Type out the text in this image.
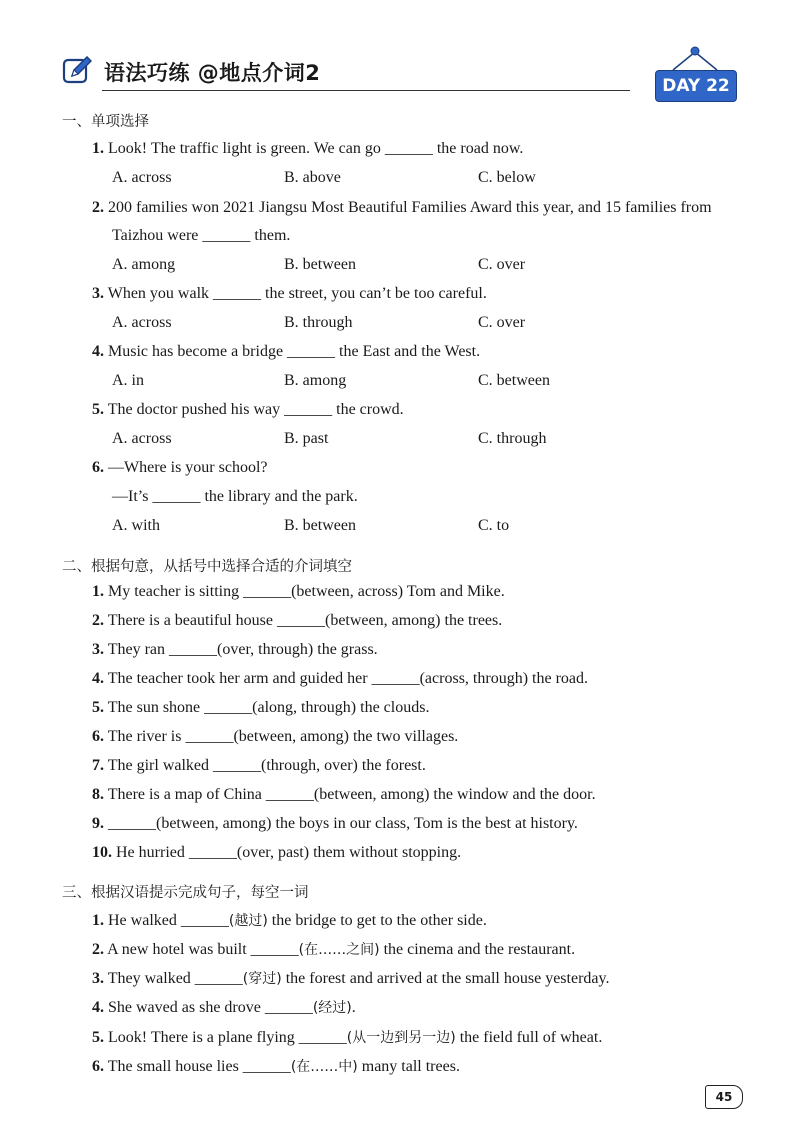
语法巧练 @地点介词2
DAY 22
一、单项选择
1. Look! The traffic light is green. We can go ______ the road now.
A. across	B. above	C. below
2. 200 families won 2021 Jiangsu Most Beautiful Families Award this year, and 15 families from
Taizhou were ______ them.
A. among	B. between	C. over
3. When you walk ______ the street, you can’t be too careful.
A. across	B. through	C. over
4. Music has become a bridge ______ the East and the West.
A. in	B. among	C. between
5. The doctor pushed his way ______ the crowd.
A. across	B. past	C. through
6. —Where is your school?
—It’s ______ the library and the park.
A. with	B. between	C. to
二、根据句意，从括号中选择合适的介词填空
1. My teacher is sitting ______(between, across) Tom and Mike.
2. There is a beautiful house ______(between, among) the trees.
3. They ran ______(over, through) the grass.
4. The teacher took her arm and guided her ______(across, through) the road.
5. The sun shone ______(along, through) the clouds.
6. The river is ______(between, among) the two villages.
7. The girl walked ______(through, over) the forest.
8. There is a map of China ______(between, among) the window and the door.
9. ______(between, among) the boys in our class, Tom is the best at history.
10. He hurried ______(over, past) them without stopping.
三、根据汉语提示完成句子，每空一词
1. He walked ______(越过) the bridge to get to the other side.
2. A new hotel was built ______(在……之间) the cinema and the restaurant.
3. They walked ______(穿过) the forest and arrived at the small house yesterday.
4. She waved as she drove ______(经过).
5. Look! There is a plane flying ______(从一边到另一边) the field full of wheat.
6. The small house lies ______(在……中) many tall trees.
45
